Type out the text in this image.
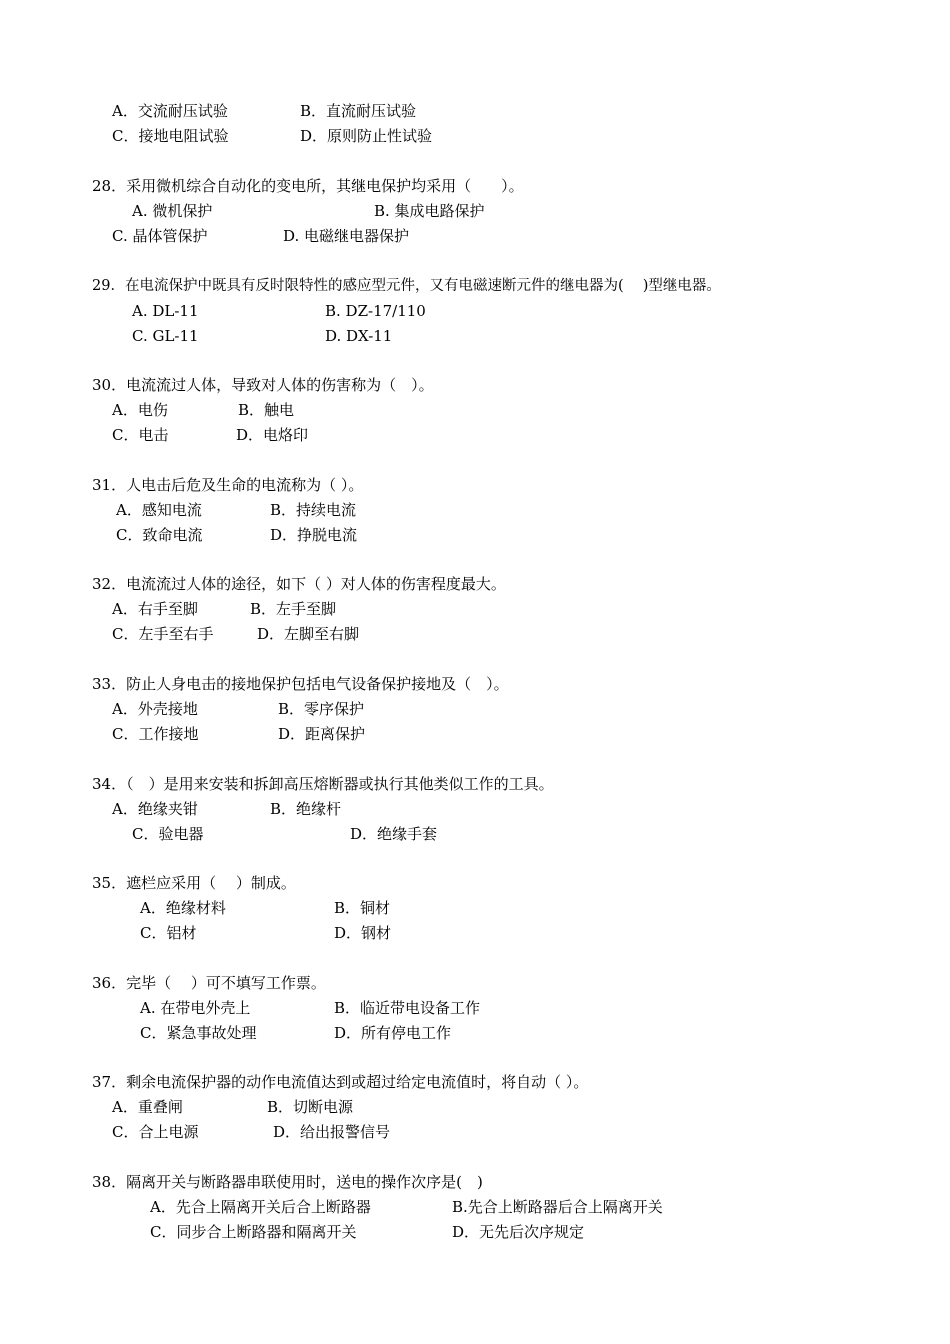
A．交流耐压试验	B．直流耐压试验
C．接地电阻试验	D．原则防止性试验
28．采用微机综合自动化的变电所，其继电保护均采用（　　）。
A. 微机保护	B. 集成电路保护
C. 晶体管保护	D. 电磁继电器保护
29．在电流保护中既具有反时限特性的感应型元件，又有电磁速断元件的继电器为(　 )型继电器。
A. DL-11	B. DZ-17/110
C. GL-11	D. DX-11
30．电流流过人体，导致对人体的伤害称为（　）。
A．电伤	B．触电
C．电击	D．电烙印
31．人电击后危及生命的电流称为（ ）。
A．感知电流	B．持续电流
C．致命电流	D．挣脱电流
32．电流流过人体的途径，如下（ ）对人体的伤害程度最大。
A．右手至脚	B．左手至脚
C．左手至右手	D．左脚至右脚
33．防止人身电击的接地保护包括电气设备保护接地及（　）。
A．外壳接地	B．零序保护
C．工作接地	D．距离保护
34．（　）是用来安装和拆卸高压熔断器或执行其他类似工作的工具。
A．绝缘夹钳	B．绝缘杆
C．验电器	D．绝缘手套
35．遮栏应采用（　 ）制成。
A．绝缘材料	B．铜材
C．铝材	D．钢材
36．完毕（　 ）可不填写工作票。
A. 在带电外壳上	B．临近带电设备工作
C．紧急事故处理	D．所有停电工作
37．剩余电流保护器的动作电流值达到或超过给定电流值时，将自动（ ）。
A．重叠闸	B．切断电源
C．合上电源	D．给出报警信号
38．隔离开关与断路器串联使用时，送电的操作次序是(　)
A．先合上隔离开关后合上断路器	B.先合上断路器后合上隔离开关
C．同步合上断路器和隔离开关	D．无先后次序规定
